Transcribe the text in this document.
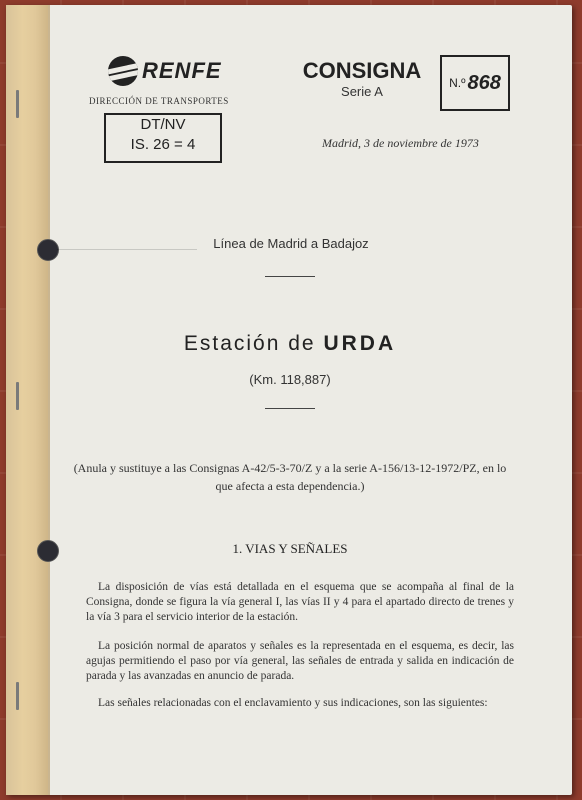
RENFE
DIRECCIÓN DE TRANSPORTES
DT/NV
IS. 26 = 4
CONSIGNA
Serie A
N.º 868
Madrid, 3 de noviembre de 1973
Línea de Madrid a Badajoz
Estación de URDA
(Km. 118,887)
(Anula y sustituye a las Consignas A-42/5-3-70/Z y a la serie A-156/13-12-1972/PZ, en lo que afecta a esta dependencia.)
1. VIAS Y SEÑALES
La disposición de vías está detallada en el esquema que se acompaña al final de la Consigna, donde se figura la vía general I, las vías II y 4 para el apartado directo de trenes y la vía 3 para el servicio interior de la estación.
La posición normal de aparatos y señales es la representada en el esquema, es decir, las agujas permitiendo el paso por vía general, las señales de entrada y salida en indicación de parada y las avanzadas en anuncio de parada.
Las señales relacionadas con el enclavamiento y sus indicaciones, son las siguientes:
